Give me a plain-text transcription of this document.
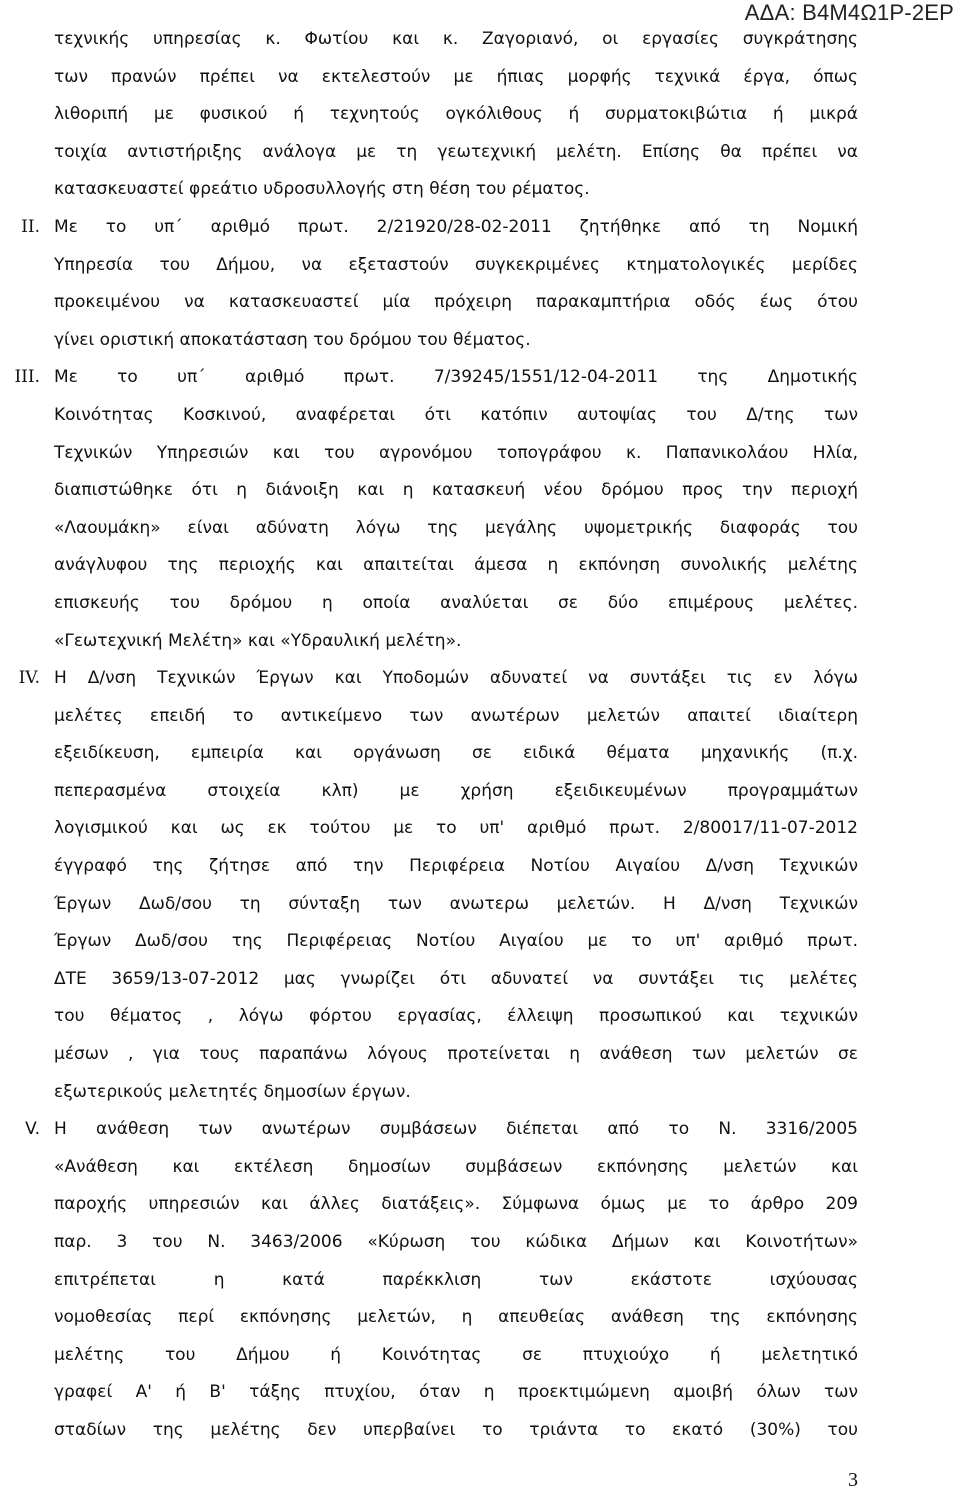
ΑΔΑ: Β4Μ4Ω1Ρ-2ΕΡ
τεχνικής υπηρεσίας κ. Φωτίου και κ. Ζαγοριανό, οι εργασίες συγκράτησης
των πρανών πρέπει να εκτελεστούν με ήπιας μορφής τεχνικά έργα, όπως
λιθοριπή με φυσικού ή τεχνητούς ογκόλιθους ή συρματοκιβώτια ή μικρά
τοιχία αντιστήριξης ανάλογα με τη γεωτεχνική μελέτη. Επίσης θα πρέπει να
κατασκευαστεί φρεάτιο υδροσυλλογής στη θέση του ρέματος.
II. Με το υπ΄ αριθμό πρωτ. 2/21920/28-02-2011 ζητήθηκε από τη Νομική
Υπηρεσία του Δήμου, να εξεταστούν συγκεκριμένες κτηματολογικές μερίδες
προκειμένου να κατασκευαστεί μία πρόχειρη παρακαμπτήρια οδός έως ότου
γίνει οριστική αποκατάσταση του δρόμου του θέματος.
III. Με το υπ΄ αριθμό πρωτ. 7/39245/1551/12-04-2011 της Δημοτικής
Κοινότητας Κοσκινού, αναφέρεται ότι κατόπιν αυτοψίας του Δ/της των
Τεχνικών Υπηρεσιών και του αγρονόμου τοπογράφου κ. Παπανικολάου Ηλία,
διαπιστώθηκε ότι η διάνοιξη και η κατασκευή νέου δρόμου προς την περιοχή
«Λαουμάκη» είναι αδύνατη λόγω της μεγάλης υψομετρικής διαφοράς του
ανάγλυφου της περιοχής και απαιτείται άμεσα η εκπόνηση συνολικής μελέτης
επισκευής του δρόμου η οποία αναλύεται σε δύο επιμέρους μελέτες.
«Γεωτεχνική Μελέτη» και «Υδραυλική μελέτη».
IV. Η Δ/νση Τεχνικών Έργων και Υποδομών αδυνατεί να συντάξει τις εν λόγω
μελέτες επειδή το αντικείμενο των ανωτέρων μελετών απαιτεί ιδιαίτερη
εξειδίκευση, εμπειρία και οργάνωση σε ειδικά θέματα μηχανικής (π.χ.
πεπερασμένα στοιχεία κλπ) με χρήση εξειδικευμένων προγραμμάτων
λογισμικού και ως εκ τούτου με το υπ' αριθμό πρωτ. 2/80017/11-07-2012
έγγραφό της ζήτησε από την Περιφέρεια Νοτίου Αιγαίου Δ/νση Τεχνικών
Έργων Δωδ/σου τη σύνταξη των ανωτερω μελετών. Η Δ/νση Τεχνικών
Έργων Δωδ/σου της Περιφέρειας Νοτίου Αιγαίου με το υπ' αριθμό πρωτ.
ΔΤΕ 3659/13-07-2012 μας γνωρίζει ότι αδυνατεί να συντάξει τις μελέτες
του θέματος , λόγω φόρτου εργασίας, έλλειψη προσωπικού και τεχνικών
μέσων , για τους παραπάνω λόγους προτείνεται η ανάθεση των μελετών σε
εξωτερικούς μελετητές δημοσίων έργων.
V. Η ανάθεση των ανωτέρων συμβάσεων διέπεται από το Ν. 3316/2005
«Ανάθεση και εκτέλεση δημοσίων συμβάσεων εκπόνησης μελετών και
παροχής υπηρεσιών και άλλες διατάξεις». Σύμφωνα όμως με το άρθρο 209
παρ. 3 του Ν. 3463/2006 «Κύρωση του κώδικα Δήμων και Κοινοτήτων»
επιτρέπεται η κατά παρέκκλιση των εκάστοτε ισχύουσας
νομοθεσίας περί εκπόνησης μελετών, η απευθείας ανάθεση της εκπόνησης
μελέτης του Δήμου ή Κοινότητας σε πτυχιούχο ή μελετητικό
γραφεί Α' ή Β' τάξης πτυχίου, όταν η προεκτιμώμενη αμοιβή όλων των
σταδίων της μελέτης δεν υπερβαίνει το τριάντα το εκατό (30%) του
3
